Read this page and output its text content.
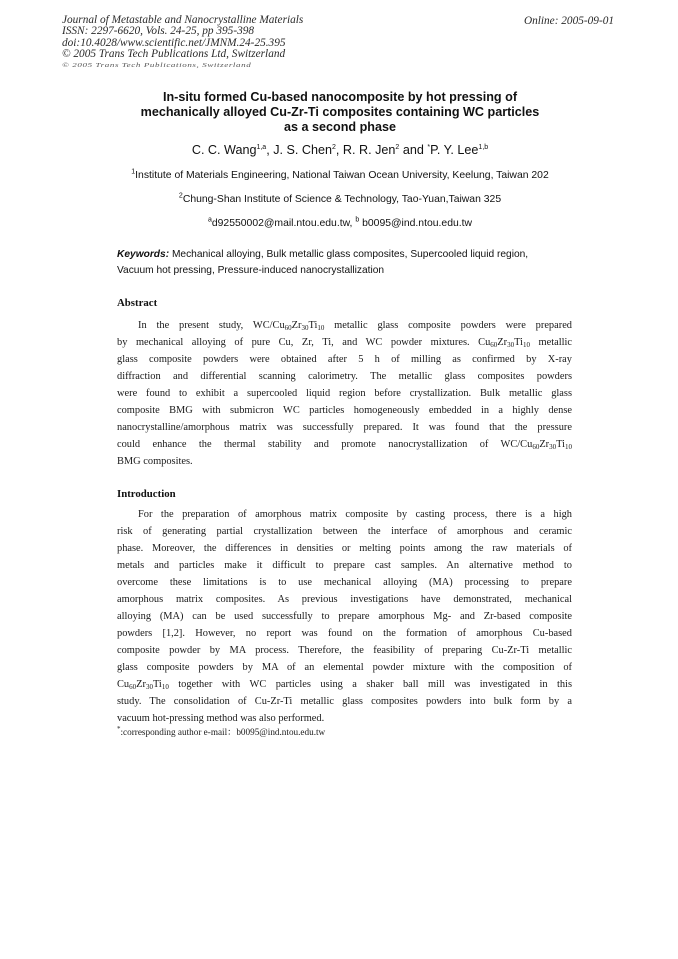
Journal of Metastable and Nanocrystalline Materials
ISSN: 2297-6620, Vols. 24-25, pp 395-398
doi:10.4028/www.scientific.net/JMNM.24-25.395
© 2005 Trans Tech Publications Ltd, Switzerland
© 2005 Trans Tech Publications, Switzerland
Online: 2005-09-01
In-situ formed Cu-based nanocomposite by hot pressing of
mechanically alloyed Cu-Zr-Ti composites containing WC particles
as a second phase
C. C. Wang$^{1,a}$, J. S. Chen$^2$, R. R. Jen$^2$ and *P. Y. Lee$^{1,b}$
$^1$Institute of Materials Engineering, National Taiwan Ocean University, Keelung, Taiwan 202
$^2$Chung-Shan Institute of Science & Technology, Tao-Yuan,Taiwan 325
$^a$d92550002@mail.ntou.edu.tw, $^b$ b0095@ind.ntou.edu.tw
Keywords: Mechanical alloying, Bulk metallic glass composites, Supercooled liquid region,
Vacuum hot pressing, Pressure-induced nanocrystallization
Abstract
In the present study, $WC/Cu_{60}Zr_{30}Ti_{10}$ metallic glass composite powders were prepared
by mechanical alloying of pure Cu, Zr, Ti, and WC powder mixtures. $Cu_{60}Zr_{30}Ti_{10}$ metallic
glass composite powders were obtained after 5 h of milling as confirmed by X-ray
diffraction and differential scanning calorimetry. The metallic glass composites powders
were found to exhibit a supercooled liquid region before crystallization. Bulk metallic glass
composite BMG with submicron WC particles homogeneously embedded in a highly dense
nanocrystalline/amorphous matrix was successfully prepared. It was found that the pressure
could enhance the thermal stability and promote nanocrystallization of $WC/Cu_{60}Zr_{30}Ti_{10}$
BMG composites.
Introduction
For the preparation of amorphous matrix composite by casting process, there is a high
risk of generating partial crystallization between the interface of amorphous and ceramic
phase. Moreover, the differences in densities or melting points among the raw materials of
metals and particles make it difficult to prepare cast samples. An alternative method to
overcome these limitations is to use mechanical alloying (MA) processing to prepare
amorphous matrix composites. As previous investigations have demonstrated, mechanical
alloying (MA) can be used successfully to prepare amorphous Mg- and Zr-based composite
powders [1,2]. However, no report was found on the formation of amorphous Cu-based
composite powder by MA process. Therefore, the feasibility of preparing Cu-Zr-Ti metallic
glass composite powders by MA of an elemental powder mixture with the composition of
$Cu_{60}Zr_{30}Ti_{10}$ together with WC particles using a shaker ball mill was investigated in this
study. The consolidation of Cu-Zr-Ti metallic glass composites powders into bulk form by a
vacuum hot-pressing method was also performed.
*:corresponding author e-mail：b0095@ind.ntou.edu.tw
